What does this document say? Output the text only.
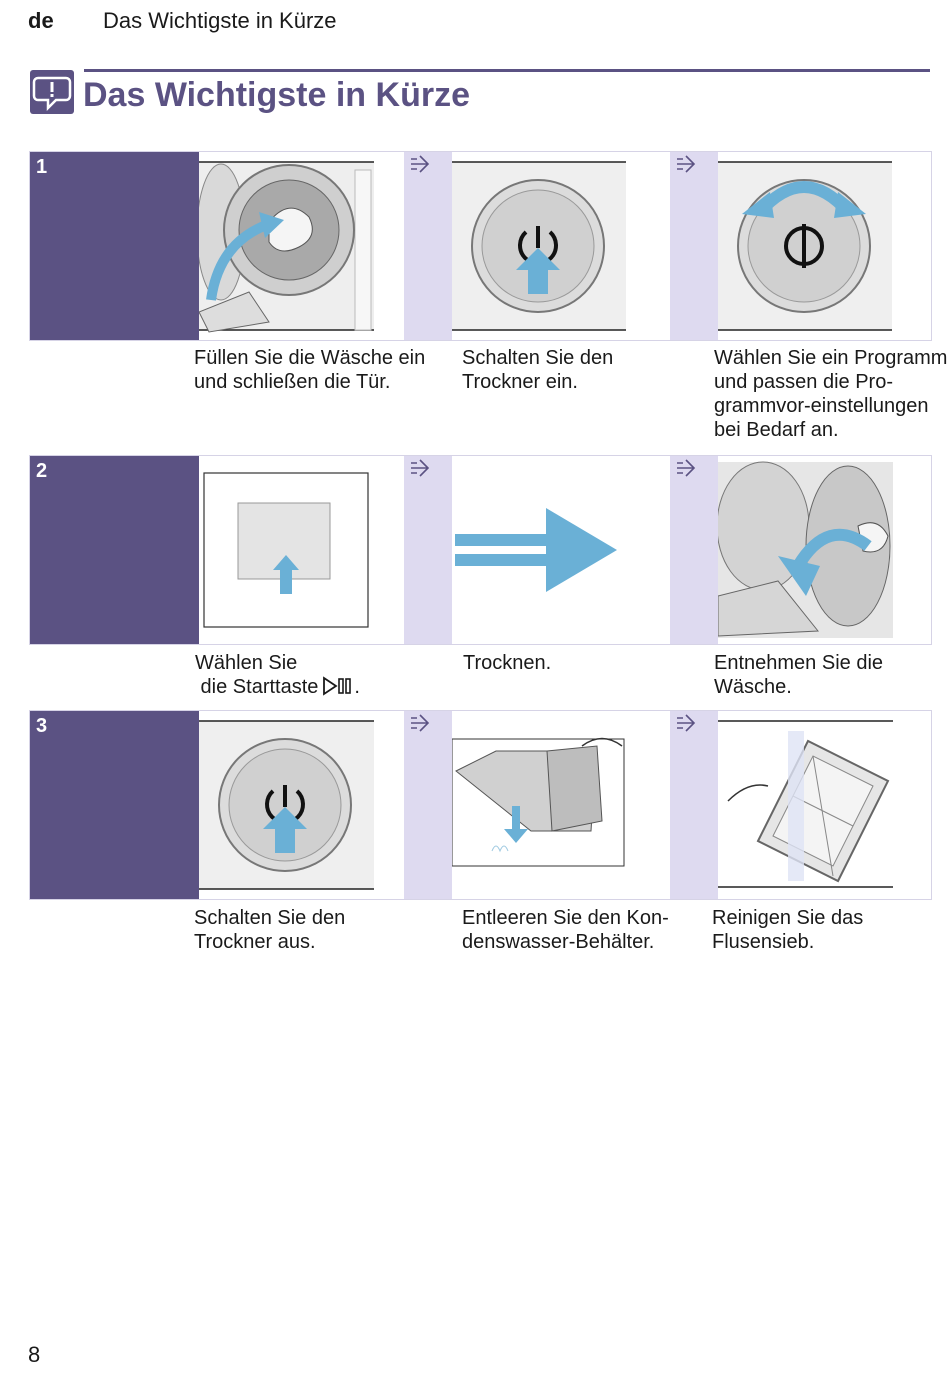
de Das Wichtigste in Kürze
Das Wichtigste in Kürze
1
Füllen Sie die Wäsche ein
und schließen die Tür.
Schalten Sie den
Trockner ein.
Wählen Sie ein Programm
und passen die Pro-
grammvor-einstellungen
bei Bedarf an.
2
Wählen Sie
die Starttaste .
Trocknen.	Entnehmen Sie die
Wäsche.
3
Schalten Sie den
Trockner aus.
Entleeren Sie den Kon-
denswasser-Behälter.
Reinigen Sie das
Flusensieb.
8
